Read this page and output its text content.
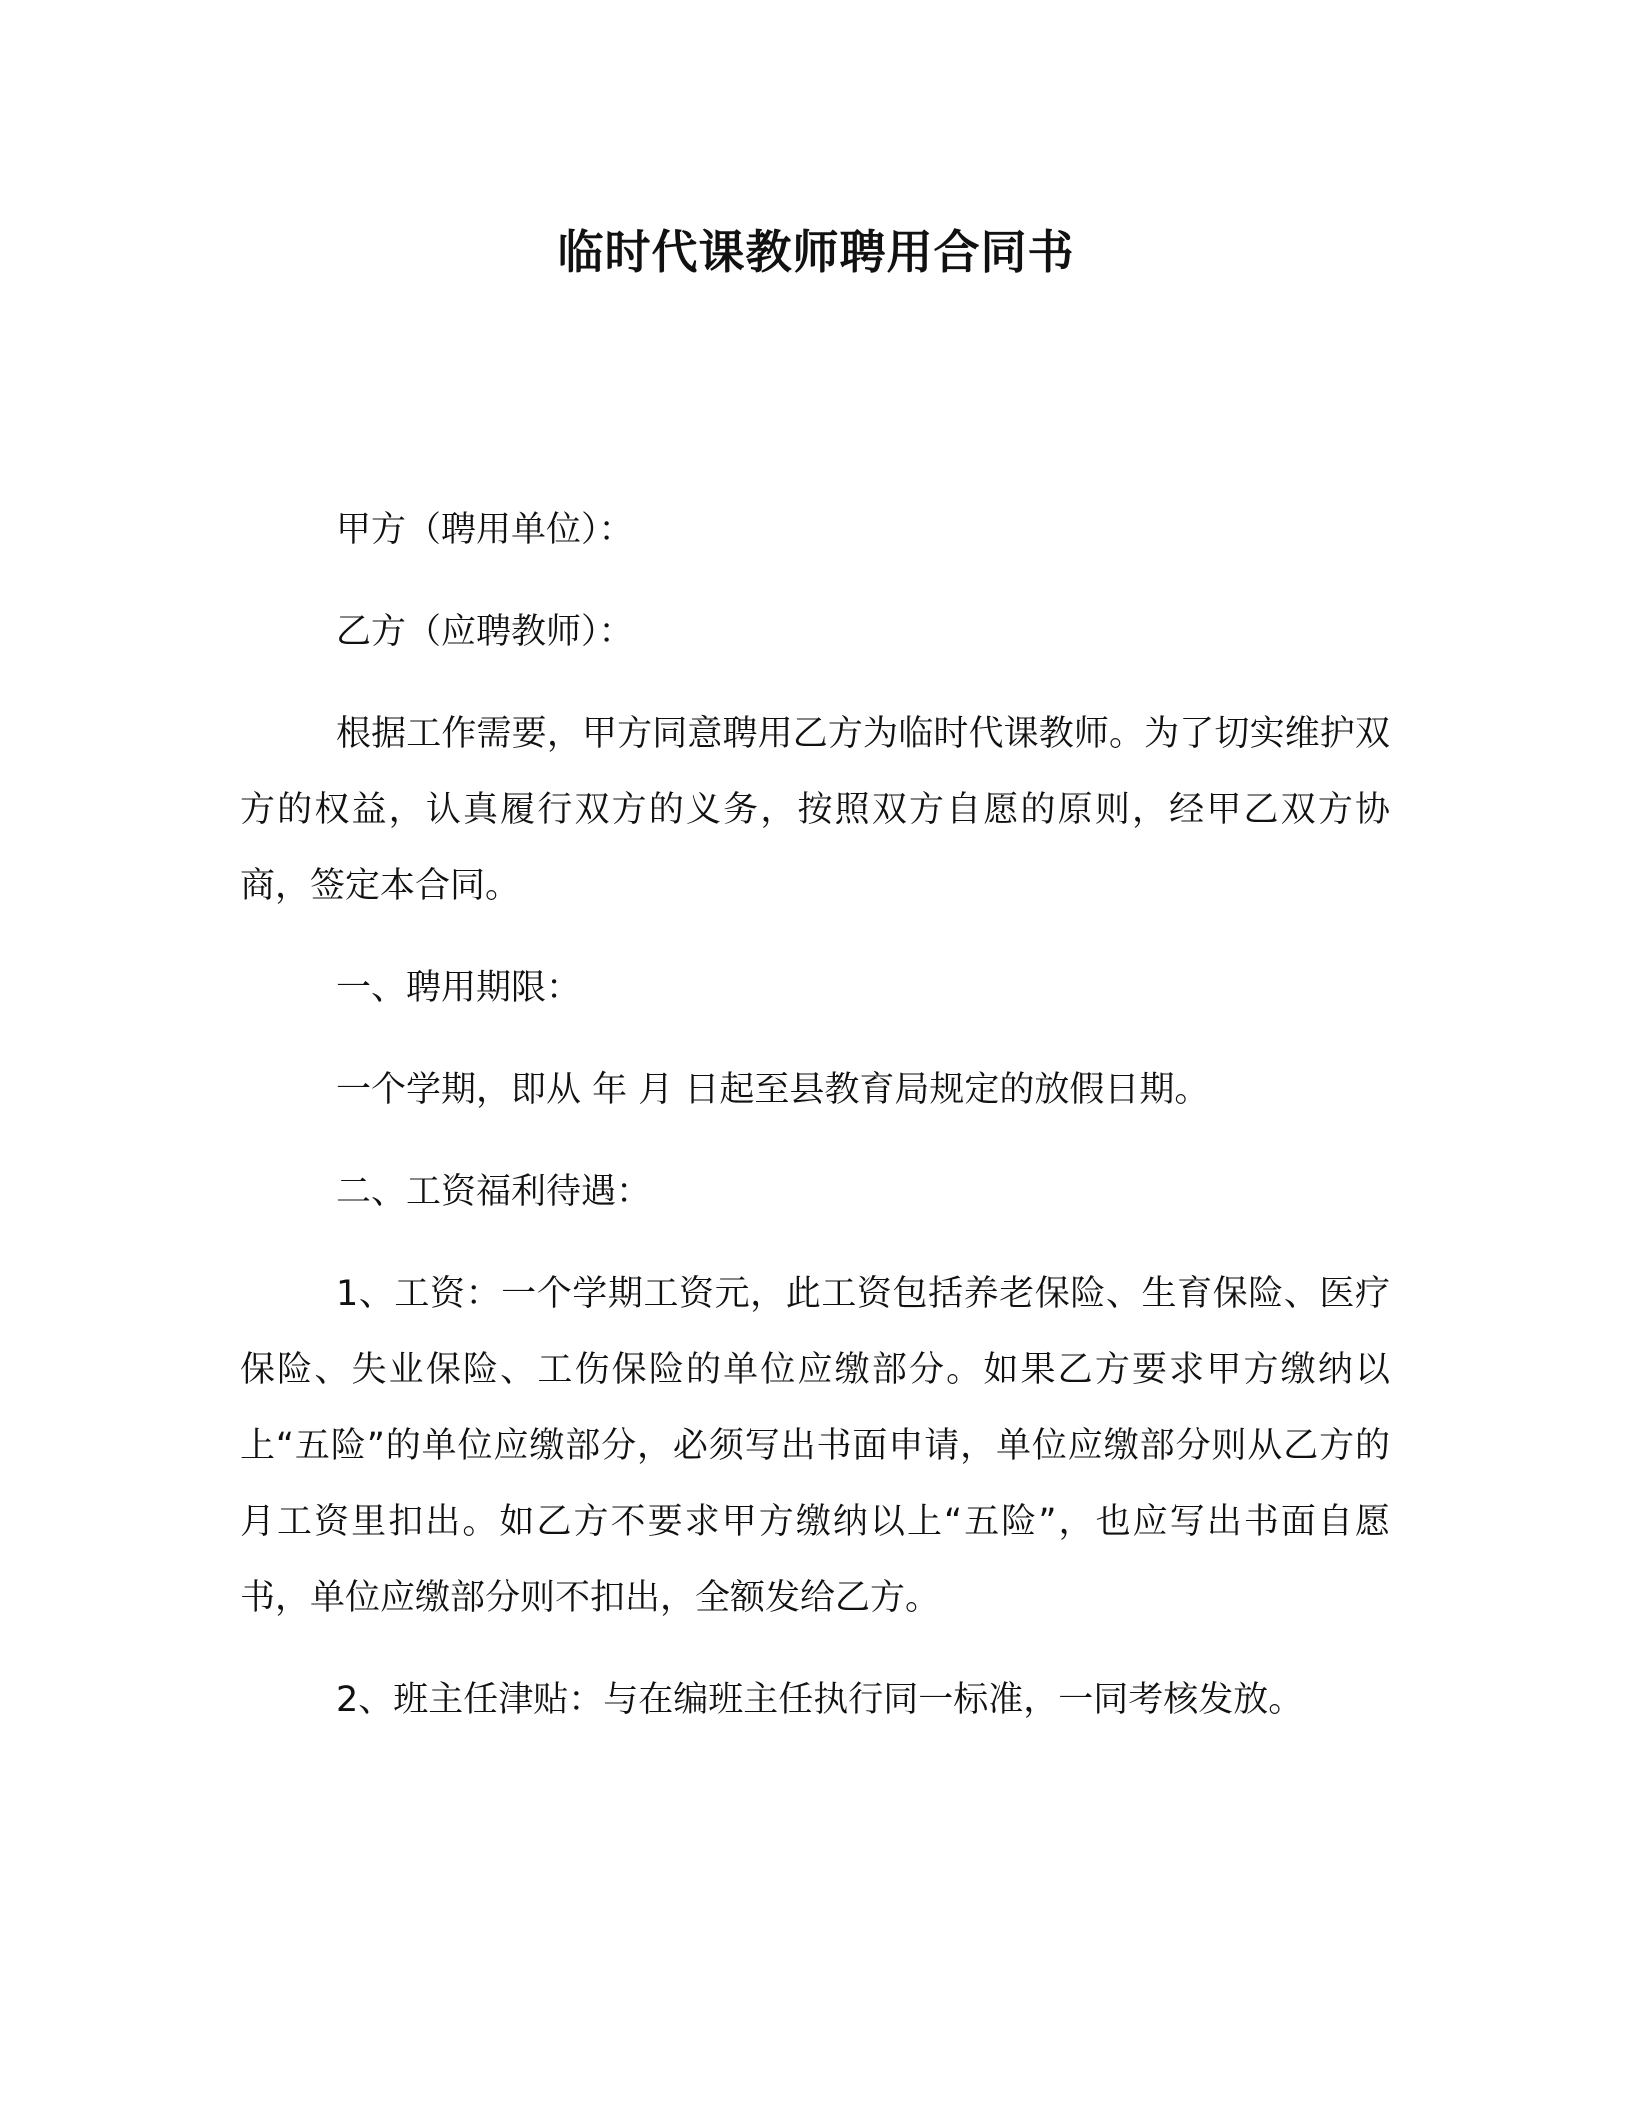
临时代课教师聘用合同书

甲方（聘用单位）：

乙方（应聘教师）：

根据工作需要，甲方同意聘用乙方为临时代课教师。为了切实维护双方的权益，认真履行双方的义务，按照双方自愿的原则，经甲乙双方协商，签定本合同。

一、聘用期限：

一个学期，即从 年 月 日起至县教育局规定的放假日期。

二、工资福利待遇：

1、工资：一个学期工资元，此工资包括养老保险、生育保险、医疗保险、失业保险、工伤保险的单位应缴部分。如果乙方要求甲方缴纳以上“五险”的单位应缴部分，必须写出书面申请，单位应缴部分则从乙方的月工资里扣出。如乙方不要求甲方缴纳以上“五险”，也应写出书面自愿书，单位应缴部分则不扣出，全额发给乙方。

2、班主任津贴：与在编班主任执行同一标准，一同考核发放。
